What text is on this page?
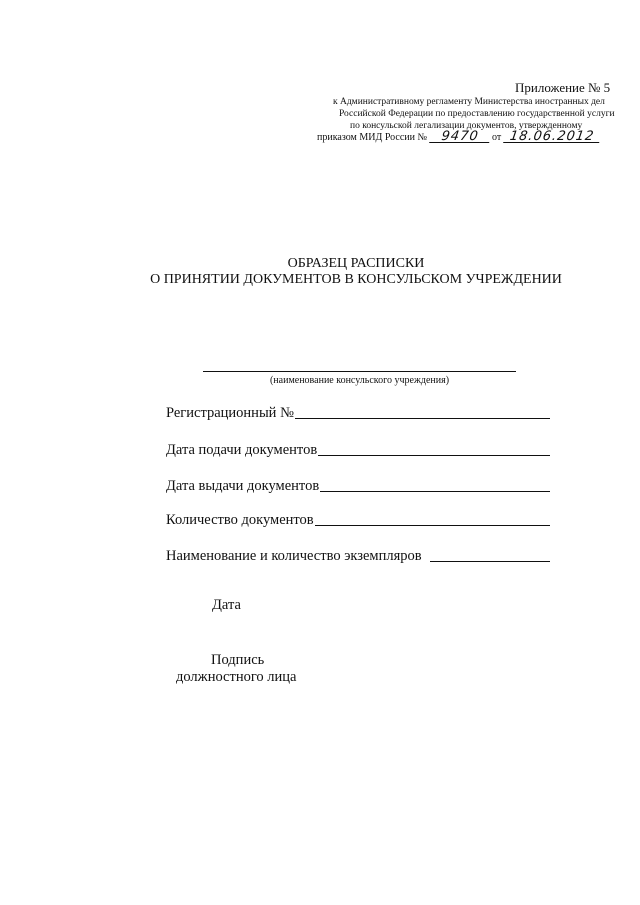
Приложение № 5
к Административному регламенту Министерства иностранных дел
Российской Федерации по предоставлению государственной услуги
по консульской легализации документов, утвержденному
приказом МИД России № 9470 от 18.06.2012
ОБРАЗЕЦ РАСПИСКИ
О ПРИНЯТИИ ДОКУМЕНТОВ В КОНСУЛЬСКОМ УЧРЕЖДЕНИИ
(наименование консульского учреждения)
Регистрационный №
Дата подачи документов
Дата выдачи документов
Количество документов
Наименование и количество экземпляров
Дата
Подпись
должностного лица
